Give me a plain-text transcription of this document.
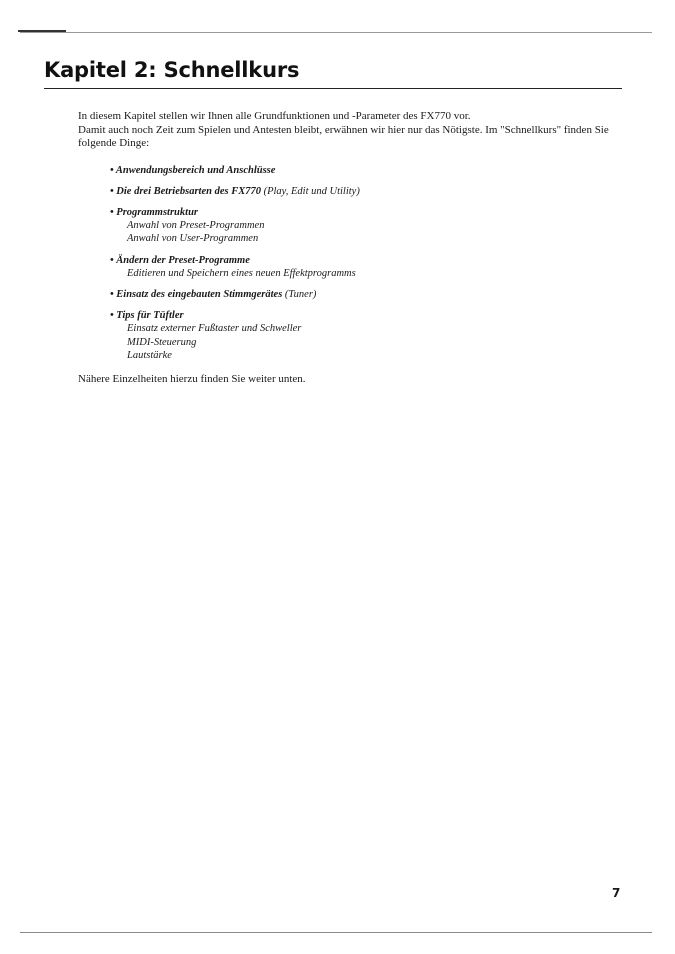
Kapitel 2: Schnellkurs
In diesem Kapitel stellen wir Ihnen alle Grundfunktionen und -Parameter des FX770 vor.
Damit auch noch Zeit zum Spielen und Antesten bleibt, erwähnen wir hier nur das Nötigste. Im "Schnellkurs" finden Sie folgende Dinge:
• Anwendungsbereich und Anschlüsse
• Die drei Betriebsarten des FX770 (Play, Edit und Utility)
• Programmstruktur
Anwahl von Preset-Programmen
Anwahl von User-Programmen
• Ändern der Preset-Programme
Editieren und Speichern eines neuen Effektprogramms
• Einsatz des eingebauten Stimmgerätes (Tuner)
• Tips für Tüftler
Einsatz externer Fußtaster und Schweller
MIDI-Steuerung
Lautstärke

Nähere Einzelheiten hierzu finden Sie weiter unten.

7
